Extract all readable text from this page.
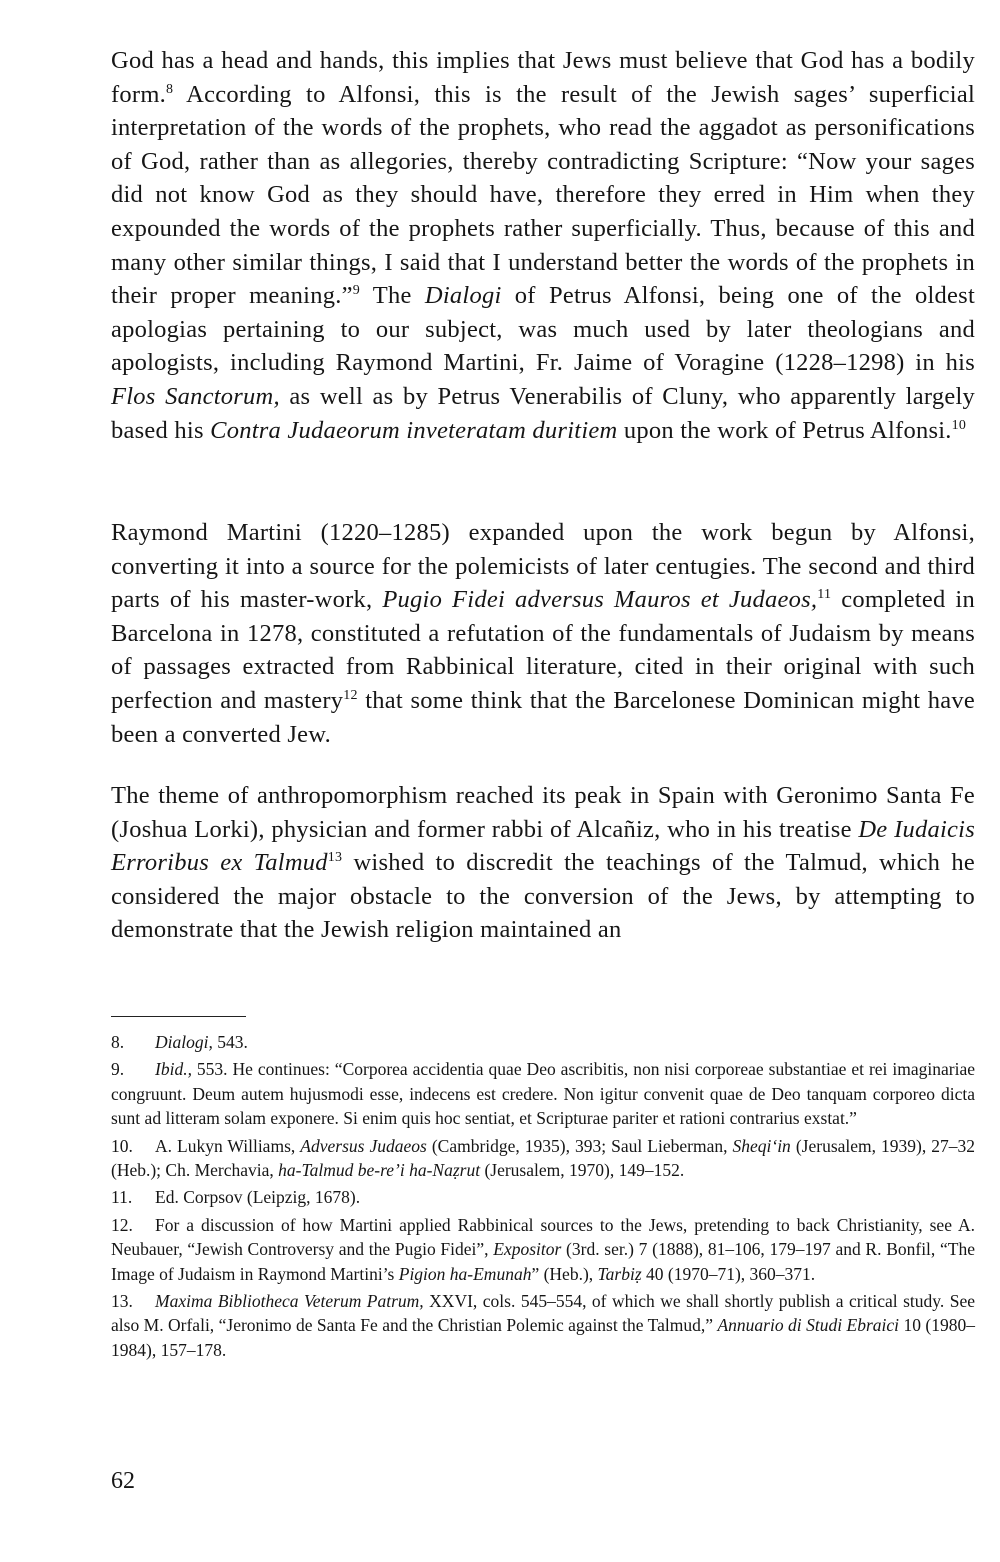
God has a head and hands, this implies that Jews must believe that God has a bodily form.$^8$ According to Alfonsi, this is the result of the Jewish sages’ superficial interpretation of the words of the prophets, who read the aggadot as personifications of God, rather than as allegories, thereby contradicting Scripture: “Now your sages did not know God as they should have, therefore they erred in Him when they expounded the words of the prophets rather superficially. Thus, because of this and many other similar things, I said that I understand better the words of the prophets in their proper meaning.”$^9$ The Dialogi of Petrus Alfonsi, being one of the oldest apologias pertaining to our subject, was much used by later theologians and apologists, including Raymond Martini, Fr. Jaime of Voragine (1228–1298) in his Flos Sanctorum, as well as by Petrus Venerabilis of Cluny, who apparently largely based his Contra Judaeorum inveteratam duritiem upon the work of Petrus Alfonsi.$^{10}$

Raymond Martini (1220–1285) expanded upon the work begun by Alfonsi, converting it into a source for the polemicists of later centugies. The second and third parts of his master-work, Pugio Fidei adversus Mauros et Judaeos,$^{11}$ completed in Barcelona in 1278, constituted a refutation of the fundamentals of Judaism by means of passages extracted from Rabbinical literature, cited in their original with such perfection and mastery$^{12}$ that some think that the Barcelonese Dominican might have been a converted Jew.

The theme of anthropomorphism reached its peak in Spain with Geronimo Santa Fe (Joshua Lorki), physician and former rabbi of Alcañiz, who in his treatise De Iudaicis Erroribus ex Talmud$^{13}$ wished to discredit the teachings of the Talmud, which he considered the major obstacle to the conversion of the Jews, by attempting to demonstrate that the Jewish religion maintained an

8. Dialogi, 543.

9. Ibid., 553. He continues: “Corporea accidentia quae Deo ascribitis, non nisi corporeae substantiae et rei imaginariae congruunt. Deum autem hujusmodi esse, indecens est credere. Non igitur convenit quae de Deo tanquam corporeo dicta sunt ad litteram solam exponere. Si enim quis hoc sentiat, et Scripturae pariter et rationi contrarius exstat.”

10. A. Lukyn Williams, Adversus Judaeos (Cambridge, 1935), 393; Saul Lieberman, Sheqi‘in (Jerusalem, 1939), 27–32 (Heb.); Ch. Merchavia, ha-Talmud be-re’i ha-Naẓrut (Jerusalem, 1970), 149–152.

11. Ed. Corpsov (Leipzig, 1678).

12. For a discussion of how Martini applied Rabbinical sources to the Jews, pretending to back Christianity, see A. Neubauer, “Jewish Controversy and the Pugio Fidei”, Expositor (3rd. ser.) 7 (1888), 81–106, 179–197 and R. Bonfil, “The Image of Judaism in Raymond Martini’s Pigion ha-Emunah” (Heb.), Tarbiẓ 40 (1970–71), 360–371.

13. Maxima Bibliotheca Veterum Patrum, XXVI, cols. 545–554, of which we shall shortly publish a critical study. See also M. Orfali, “Jeronimo de Santa Fe and the Christian Polemic against the Talmud,” Annuario di Studi Ebraici 10 (1980–1984), 157–178.

62
